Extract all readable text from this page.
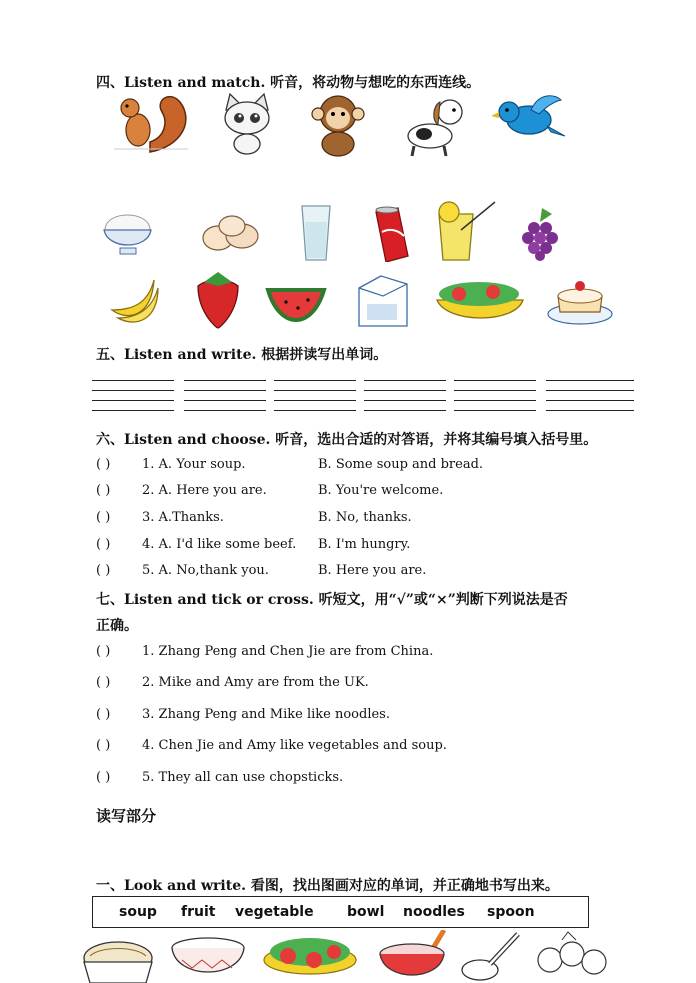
四、Listen and match. 听音，将动物与想吃的东西连线。
五、Listen and write. 根据拼读写出单词。
六、Listen and choose. 听音，选出合适的对答语，并将其编号填入括号里。
( ) 1. A. Your soup.	B. Some soup and bread.
( ) 2. A. Here you are.	B. You're welcome.
( ) 3. A.Thanks.	B. No, thanks.
( ) 4. A. I'd like some beef. B. I'm hungry.
( ) 5. A. No,thank you.	B. Here you are.
七、Listen and tick or cross. 听短文，用“√”或“×”判断下列说法是否
正确。
( ) 1. Zhang Peng and Chen Jie are from China.
( ) 2. Mike and Amy are from the UK.
( ) 3. Zhang Peng and Mike like noodles.
( ) 4. Chen Jie and Amy like vegetables and soup.
( ) 5. They all can use chopsticks.
读写部分
一、Look and write. 看图，找出图画对应的单词，并正确地书写出来。
soup fruit vegetable bowl noodles spoon
